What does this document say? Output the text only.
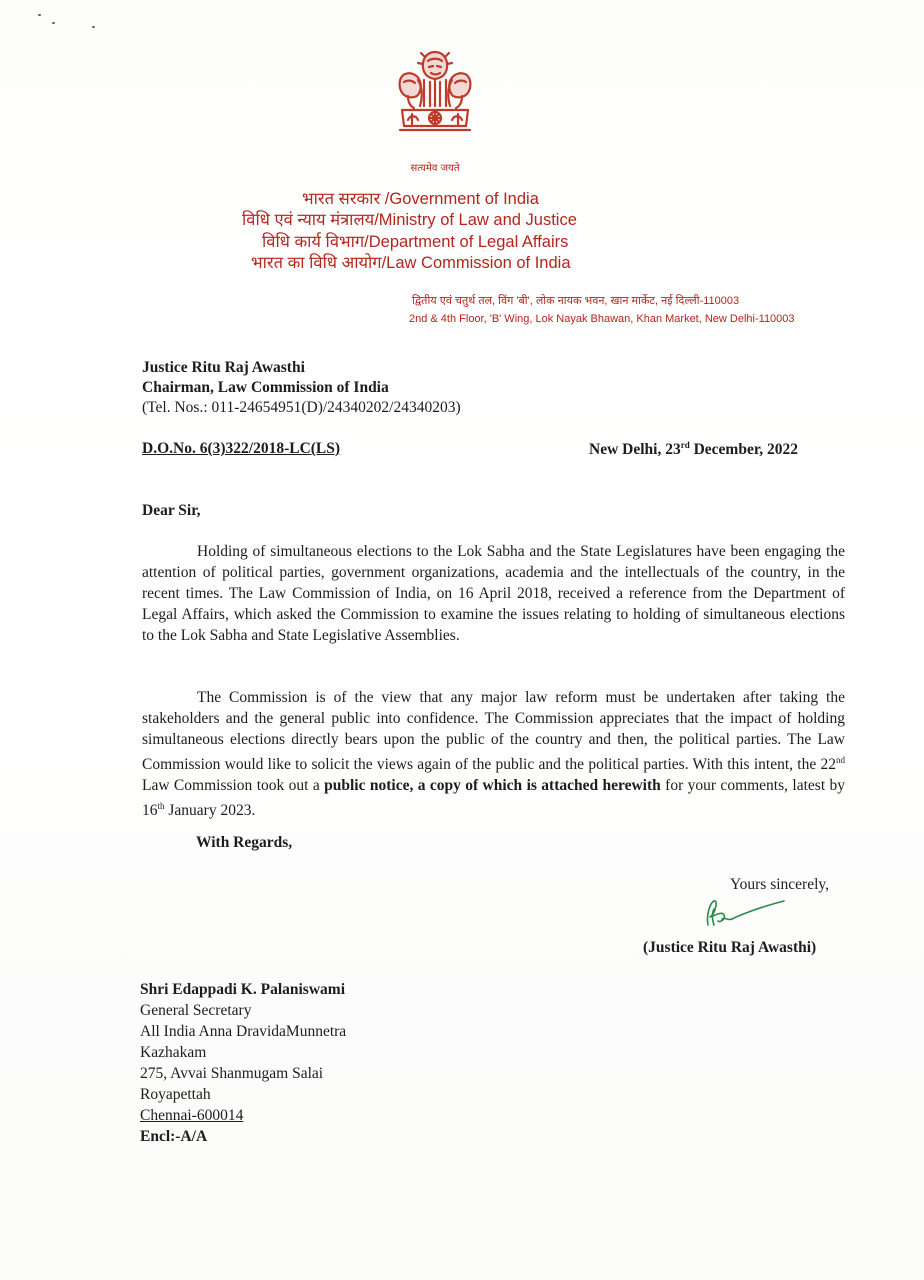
सत्यमेव जयते
भारत सरकार /Government of India
विधि एवं न्याय मंत्रालय/Ministry of Law and Justice
विधि कार्य विभाग/Department of Legal Affairs
भारत का विधि आयोग/Law Commission of India
द्वितीय एवं चतुर्थ तल, विंग 'बी', लोक नायक भवन, खान मार्केट, नई दिल्ली-110003
2nd & 4th Floor, 'B' Wing, Lok Nayak Bhawan, Khan Market, New Delhi-110003
Justice Ritu Raj Awasthi
Chairman, Law Commission of India
(Tel. Nos.: 011-24654951(D)/24340202/24340203)
D.O.No. 6(3)322/2018-LC(LS)	New Delhi, 23rd December, 2022
Dear Sir,
Holding of simultaneous elections to the Lok Sabha and the State Legislatures have been engaging the attention of political parties, government organizations, academia and the intellectuals of the country, in the recent times. The Law Commission of India, on 16 April 2018, received a reference from the Department of Legal Affairs, which asked the Commission to examine the issues relating to holding of simultaneous elections to the Lok Sabha and State Legislative Assemblies.
The Commission is of the view that any major law reform must be undertaken after taking the stakeholders and the general public into confidence. The Commission appreciates that the impact of holding simultaneous elections directly bears upon the public of the country and then, the political parties. The Law Commission would like to solicit the views again of the public and the political parties. With this intent, the 22nd Law Commission took out a public notice, a copy of which is attached herewith for your comments, latest by 16th January 2023.
With Regards,
Yours sincerely,
(Justice Ritu Raj Awasthi)
Shri Edappadi K. Palaniswami
General Secretary
All India Anna DravidaMunnetra
Kazhakam
275, Avvai Shanmugam Salai
Royapettah
Chennai-600014
Encl:-A/A
